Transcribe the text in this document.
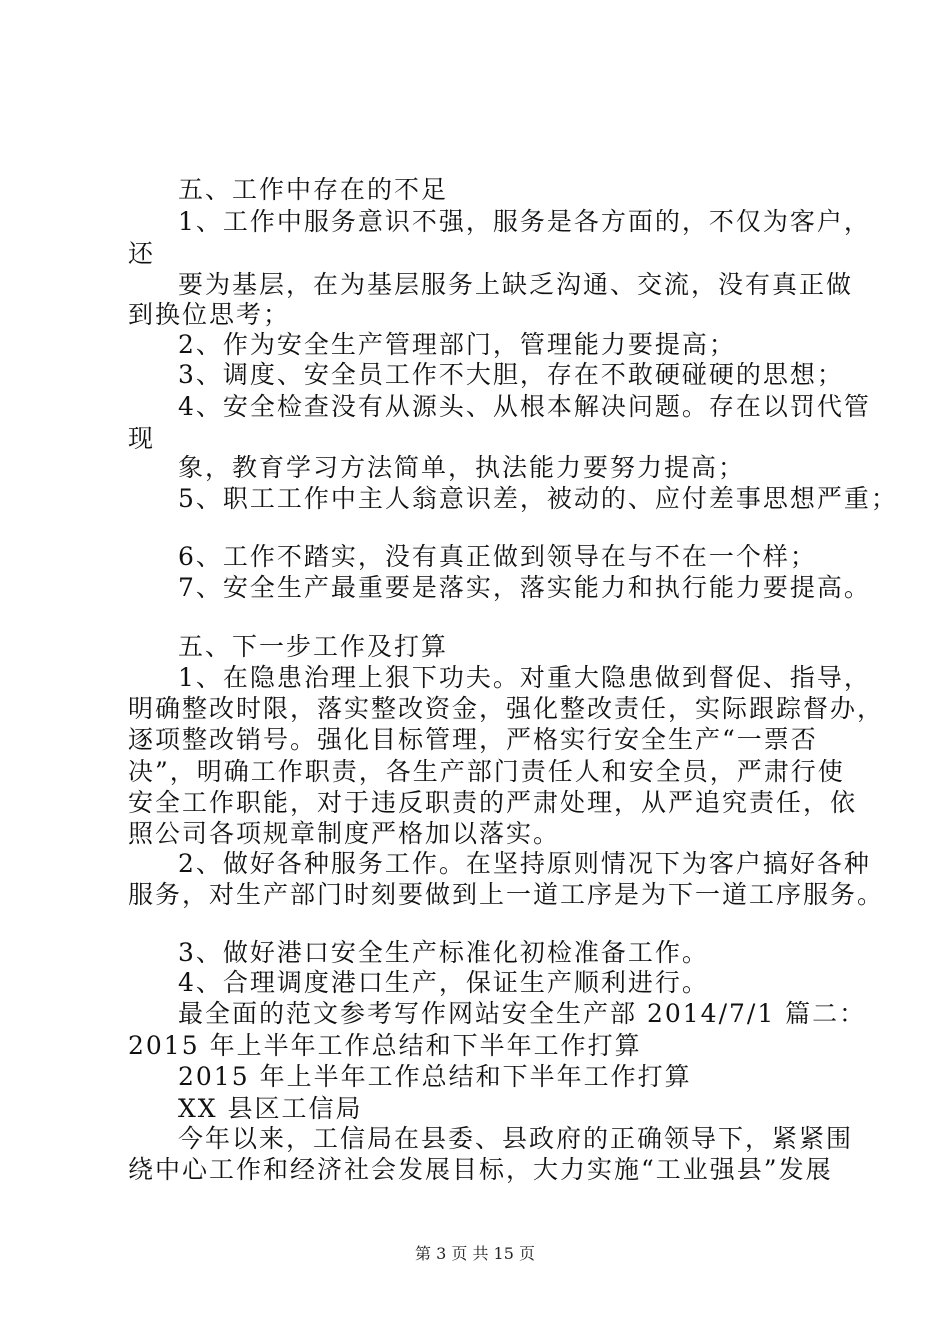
五、工作中存在的不足
1、工作中服务意识不强，服务是各方面的，不仅为客户，
还
要为基层，在为基层服务上缺乏沟通、交流，没有真正做
到换位思考；
2、作为安全生产管理部门，管理能力要提高；
3、调度、安全员工作不大胆，存在不敢硬碰硬的思想；
4、安全检查没有从源头、从根本解决问题。存在以罚代管
现
象，教育学习方法简单，执法能力要努力提高；
5、职工工作中主人翁意识差，被动的、应付差事思想严重；
6、工作不踏实，没有真正做到领导在与不在一个样；
7、安全生产最重要是落实，落实能力和执行能力要提高。
五、下一步工作及打算
1、在隐患治理上狠下功夫。对重大隐患做到督促、指导，
明确整改时限，落实整改资金，强化整改责任，实际跟踪督办，
逐项整改销号。强化目标管理，严格实行安全生产“一票否
决”，明确工作职责，各生产部门责任人和安全员，严肃行使
安全工作职能，对于违反职责的严肃处理，从严追究责任，依
照公司各项规章制度严格加以落实。
2、做好各种服务工作。在坚持原则情况下为客户搞好各种
服务，对生产部门时刻要做到上一道工序是为下一道工序服务。
3、做好港口安全生产标准化初检准备工作。
4、合理调度港口生产，保证生产顺利进行。
最全面的范文参考写作网站安全生产部 2014/7/1 篇二：
2015 年上半年工作总结和下半年工作打算
2015 年上半年工作总结和下半年工作打算
XX 县区工信局
今年以来，工信局在县委、县政府的正确领导下，紧紧围
绕中心工作和经济社会发展目标，大力实施“工业强县”发展
第 3 页 共 15 页
